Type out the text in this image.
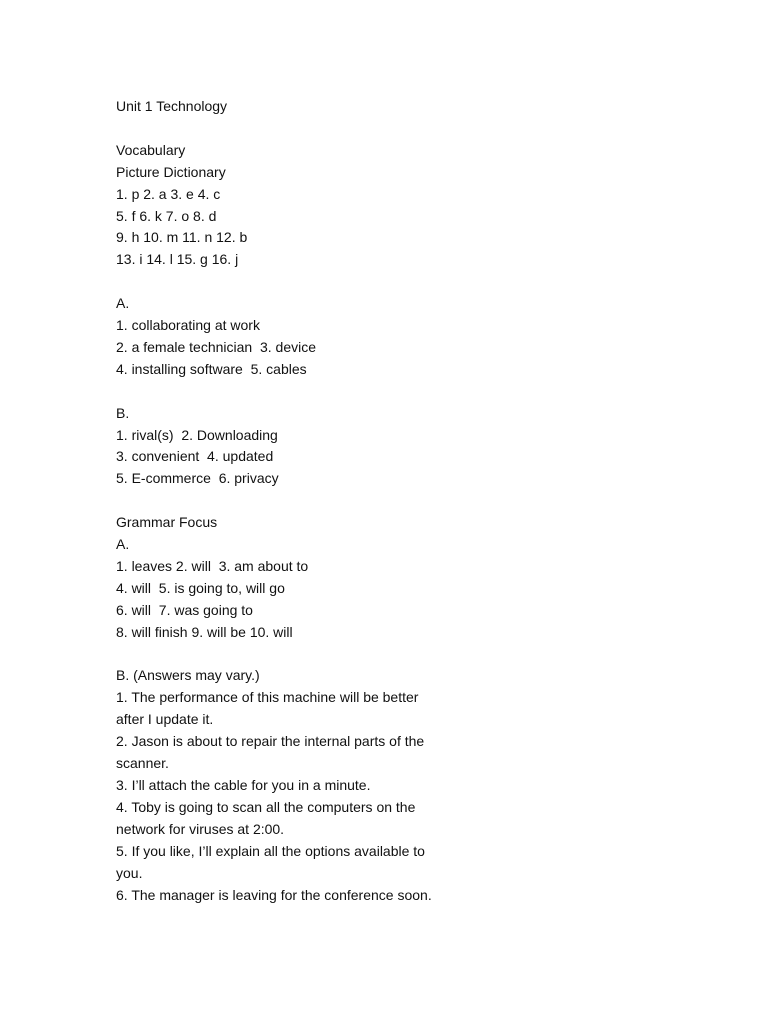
Unit 1 Technology
Vocabulary
Picture Dictionary
1. p 2. a 3. e 4. c
5. f 6. k 7. o 8. d
9. h 10. m 11. n 12. b
13. i 14. l 15. g 16. j
A.
1. collaborating at work
2. a female technician  3. device
4. installing software  5. cables
B.
1. rival(s)  2. Downloading
3. convenient  4. updated
5. E-commerce  6. privacy
Grammar Focus
A.
1. leaves 2. will  3. am about to
4. will  5. is going to, will go
6. will  7. was going to
8. will finish 9. will be 10. will
B. (Answers may vary.)
1. The performance of this machine will be better after I update it.
2. Jason is about to repair the internal parts of the scanner.
3. I’ll attach the cable for you in a minute.
4. Toby is going to scan all the computers on the network for viruses at 2:00.
5. If you like, I’ll explain all the options available to you.
6. The manager is leaving for the conference soon.
